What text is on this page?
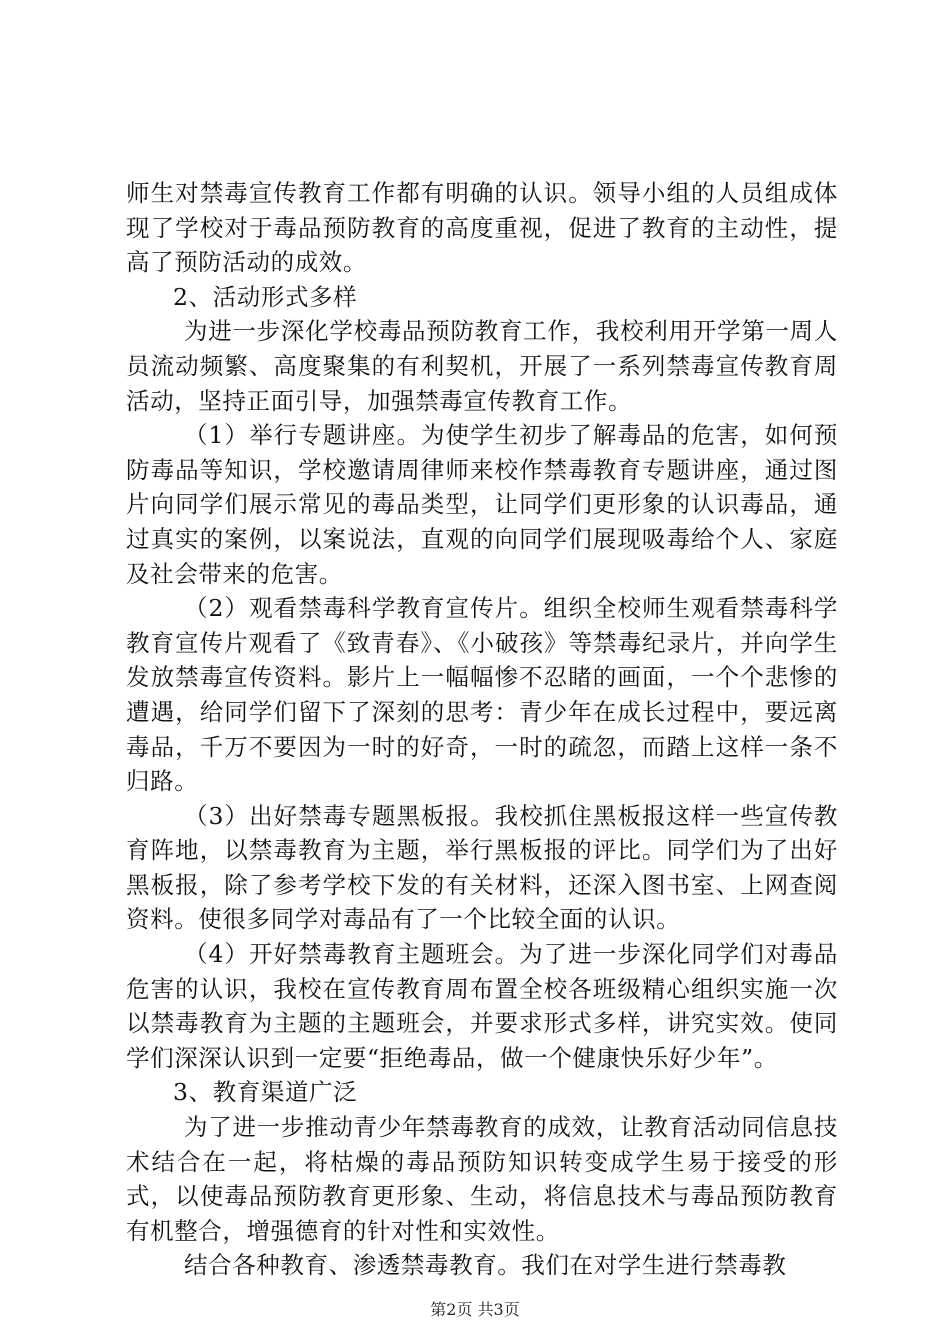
师生对禁毒宣传教育工作都有明确的认识。领导小组的人员组成体现了学校对于毒品预防教育的高度重视，促进了教育的主动性，提高了预防活动的成效。

2、活动形式多样

为进一步深化学校毒品预防教育工作，我校利用开学第一周人员流动频繁、高度聚集的有利契机，开展了一系列禁毒宣传教育周活动，坚持正面引导，加强禁毒宣传教育工作。

（1）举行专题讲座。为使学生初步了解毒品的危害，如何预防毒品等知识，学校邀请周律师来校作禁毒教育专题讲座，通过图片向同学们展示常见的毒品类型，让同学们更形象的认识毒品，通过真实的案例，以案说法，直观的向同学们展现吸毒给个人、家庭及社会带来的危害。

（2）观看禁毒科学教育宣传片。组织全校师生观看禁毒科学教育宣传片观看了《致青春》、《小破孩》等禁毒纪录片，并向学生发放禁毒宣传资料。影片上一幅幅惨不忍睹的画面，一个个悲惨的遭遇，给同学们留下了深刻的思考：青少年在成长过程中，要远离毒品，千万不要因为一时的好奇，一时的疏忽，而踏上这样一条不归路。

（3）出好禁毒专题黑板报。我校抓住黑板报这样一些宣传教育阵地，以禁毒教育为主题，举行黑板报的评比。同学们为了出好黑板报，除了参考学校下发的有关材料，还深入图书室、上网查阅资料。使很多同学对毒品有了一个比较全面的认识。

（4）开好禁毒教育主题班会。为了进一步深化同学们对毒品危害的认识，我校在宣传教育周布置全校各班级精心组织实施一次以禁毒教育为主题的主题班会，并要求形式多样，讲究实效。使同学们深深认识到一定要“拒绝毒品，做一个健康快乐好少年”。

3、教育渠道广泛

为了进一步推动青少年禁毒教育的成效，让教育活动同信息技术结合在一起，将枯燥的毒品预防知识转变成学生易于接受的形式，以使毒品预防教育更形象、生动，将信息技术与毒品预防教育有机整合，增强德育的针对性和实效性。

结合各种教育、渗透禁毒教育。我们在对学生进行禁毒教

第2页 共3页
